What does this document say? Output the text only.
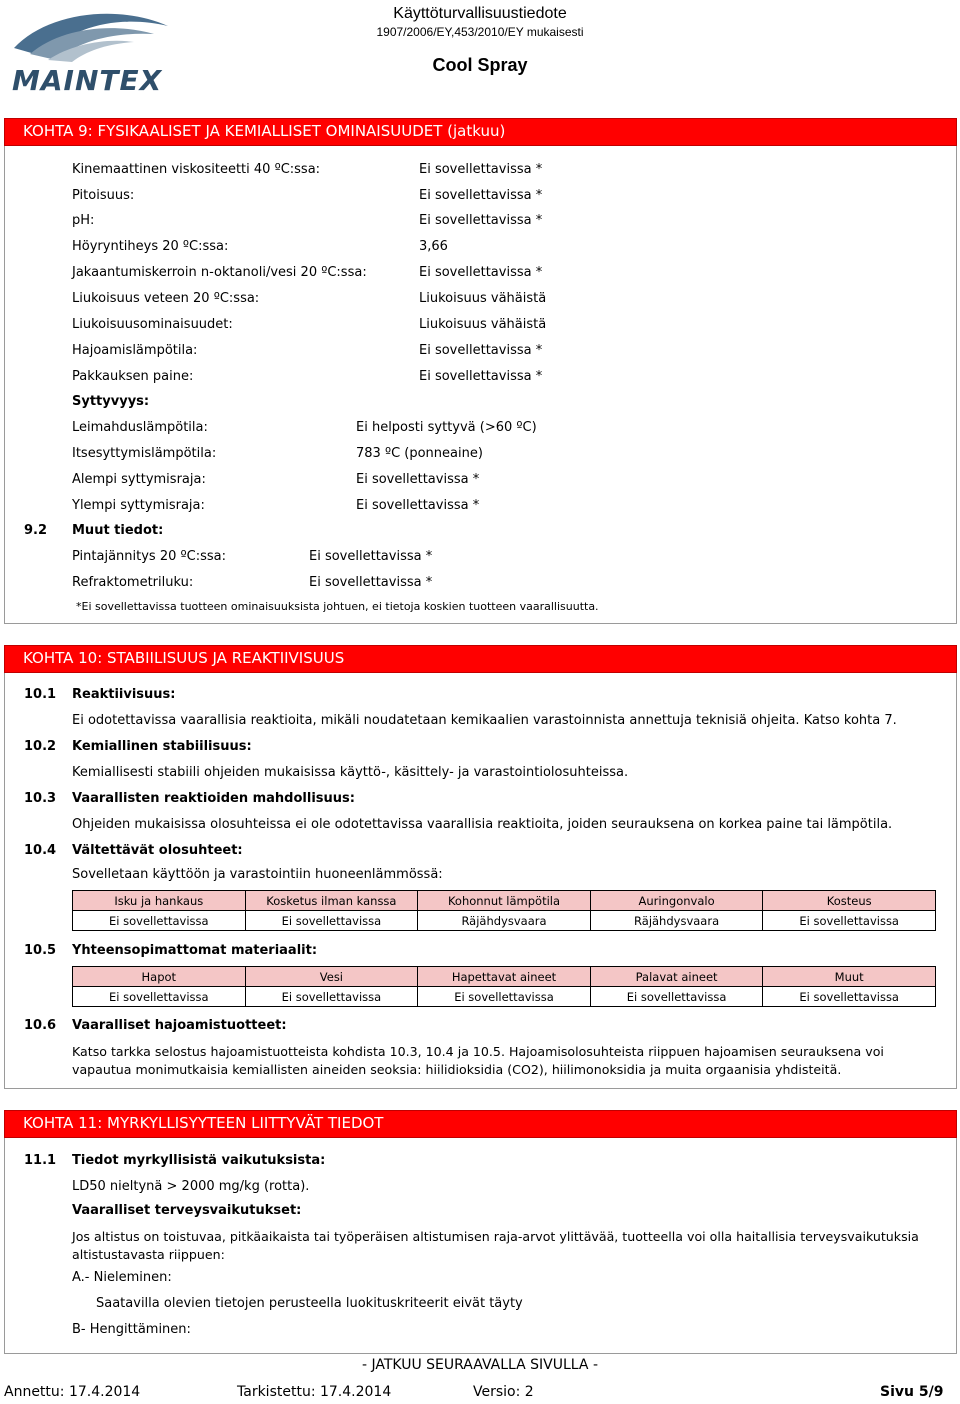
MAINTEX
Käyttöturvallisuustiedote
1907/2006/EY,453/2010/EY mukaisesti
Cool Spray
KOHTA 9: FYSIKAALISET JA KEMIALLISET OMINAISUUDET (jatkuu)
Kinemaattinen viskositeetti 40 ºC:ssa:	Ei sovellettavissa *
Pitoisuus:	Ei sovellettavissa *
pH:	Ei sovellettavissa *
Höyryntiheys 20 ºC:ssa:	3,66
Jakaantumiskerroin n-oktanoli/vesi 20 ºC:ssa:	Ei sovellettavissa *
Liukoisuus veteen 20 ºC:ssa:	Liukoisuus vähäistä
Liukoisuusominaisuudet:	Liukoisuus vähäistä
Hajoamislämpötila:	Ei sovellettavissa *
Pakkauksen paine:	Ei sovellettavissa *
Syttyvyys:
Leimahduslämpötila:	Ei helposti syttyvä (>60 ºC)
Itsesyttymislämpötila:	783 ºC (ponneaine)
Alempi syttymisraja:	Ei sovellettavissa *
Ylempi syttymisraja:	Ei sovellettavissa *
9.2 Muut tiedot:
Pintajännitys 20 ºC:ssa:	Ei sovellettavissa *
Refraktometriluku:	Ei sovellettavissa *
*Ei sovellettavissa tuotteen ominaisuuksista johtuen, ei tietoja koskien tuotteen vaarallisuutta.
KOHTA 10: STABIILISUUS JA REAKTIIVISUUS
10.1 Reaktiivisuus:
Ei odotettavissa vaarallisia reaktioita, mikäli noudatetaan kemikaalien varastoinnista annettuja teknisiä ohjeita. Katso kohta 7.
10.2 Kemiallinen stabiilisuus:
Kemiallisesti stabiili ohjeiden mukaisissa käyttö-, käsittely- ja varastointiolosuhteissa.
10.3 Vaarallisten reaktioiden mahdollisuus:
Ohjeiden mukaisissa olosuhteissa ei ole odotettavissa vaarallisia reaktioita, joiden seurauksena on korkea paine tai lämpötila.
10.4 Vältettävät olosuhteet:
Sovelletaan käyttöön ja varastointiin huoneenlämmössä:
Isku ja hankaus	Kosketus ilman kanssa	Kohonnut lämpötila	Auringonvalo	Kosteus
Ei sovellettavissa	Ei sovellettavissa	Räjähdysvaara	Räjähdysvaara	Ei sovellettavissa
10.5 Yhteensopimattomat materiaalit:
Hapot	Vesi	Hapettavat aineet	Palavat aineet	Muut
Ei sovellettavissa	Ei sovellettavissa	Ei sovellettavissa	Ei sovellettavissa	Ei sovellettavissa
10.6 Vaaralliset hajoamistuotteet:
Katso tarkka selostus hajoamistuotteista kohdista 10.3, 10.4 ja 10.5. Hajoamisolosuhteista riippuen hajoamisen seurauksena voi
vapautua monimutkaisia kemiallisten aineiden seoksia: hiilidioksidia (CO2), hiilimonoksidia ja muita orgaanisia yhdisteitä.
KOHTA 11: MYRKYLLISYYTEEN LIITTYVÄT TIEDOT
11.1 Tiedot myrkyllisistä vaikutuksista:
LD50 nieltynä > 2000 mg/kg (rotta).
Vaaralliset terveysvaikutukset:
Jos altistus on toistuvaa, pitkäaikaista tai työperäisen altistumisen raja-arvot ylittävää, tuotteella voi olla haitallisia terveysvaikutuksia
altistustavasta riippuen:
A.- Nieleminen:
Saatavilla olevien tietojen perusteella luokituskriteerit eivät täyty
B- Hengittäminen:
- JATKUU SEURAAVALLA SIVULLA -
Annettu: 17.4.2014	Tarkistettu: 17.4.2014	Versio: 2	Sivu 5/9
